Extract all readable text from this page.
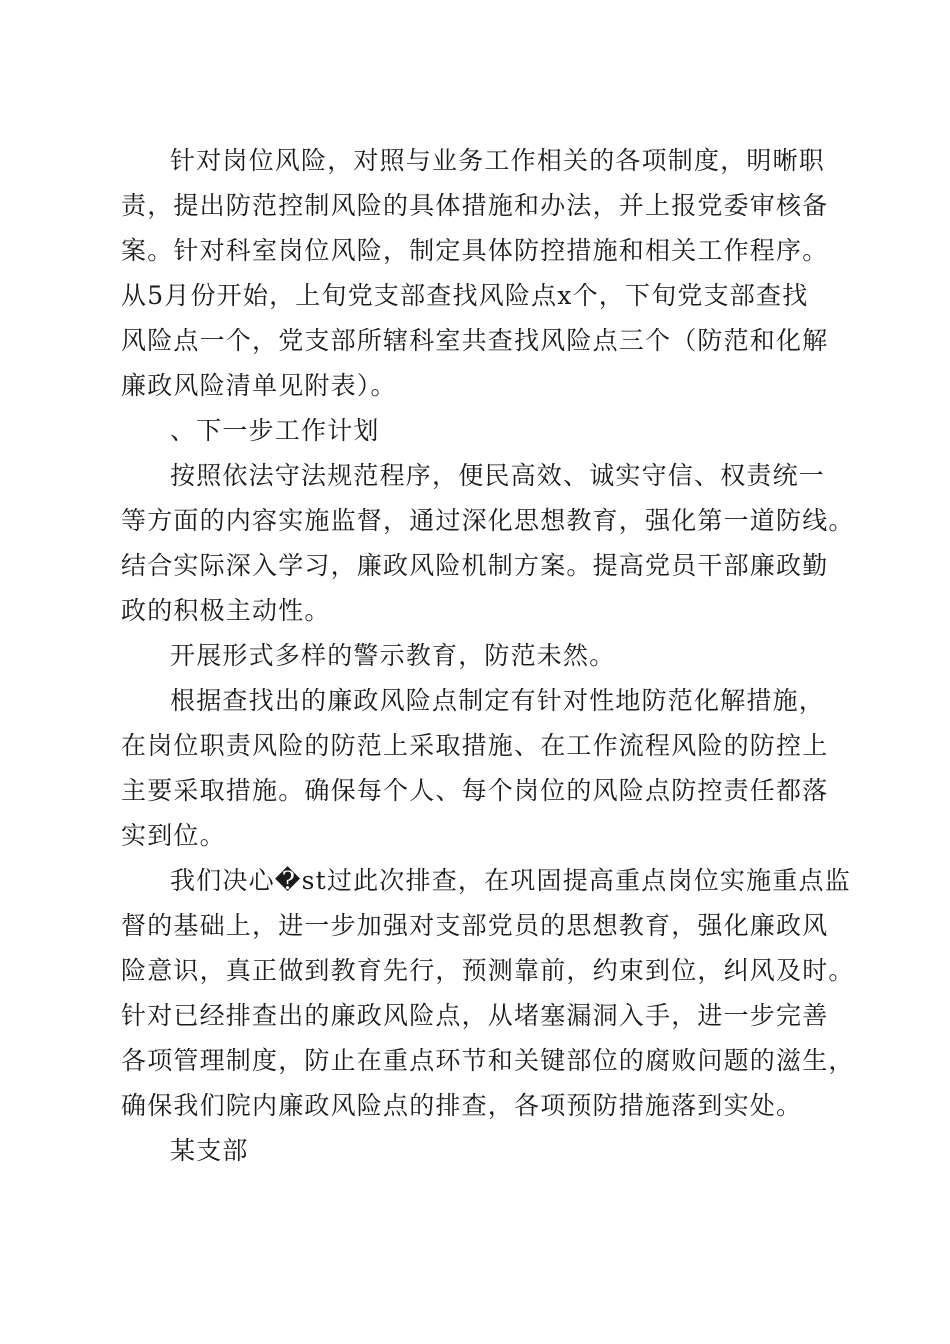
针对岗位风险，对照与业务工作相关的各项制度，明晰职
责，提出防范控制风险的具体措施和办法，并上报党委审核备
案。针对科室岗位风险，制定具体防控措施和相关工作程序。
从5月份开始，上旬党支部查找风险点x个，下旬党支部查找
风险点一个，党支部所辖科室共查找风险点三个（防范和化解
廉政风险清单见附表）。
、下一步工作计划
按照依法守法规范程序，便民高效、诚实守信、权责统一
等方面的内容实施监督，通过深化思想教育，强化第一道防线。
结合实际深入学习，廉政风险机制方案。提高党员干部廉政勤
政的积极主动性。
开展形式多样的警示教育，防范未然。
根据查找出的廉政风险点制定有针对性地防范化解措施，
在岗位职责风险的防范上采取措施、在工作流程风险的防控上
主要采取措施。确保每个人、每个岗位的风险点防控责任都落
实到位。
我们决心�st过此次排查，在巩固提高重点岗位实施重点监
督的基础上，进一步加强对支部党员的思想教育，强化廉政风
险意识，真正做到教育先行，预测靠前，约束到位，纠风及时。
针对已经排查出的廉政风险点，从堵塞漏洞入手，进一步完善
各项管理制度，防止在重点环节和关键部位的腐败问题的滋生，
确保我们院内廉政风险点的排查，各项预防措施落到实处。
某支部
